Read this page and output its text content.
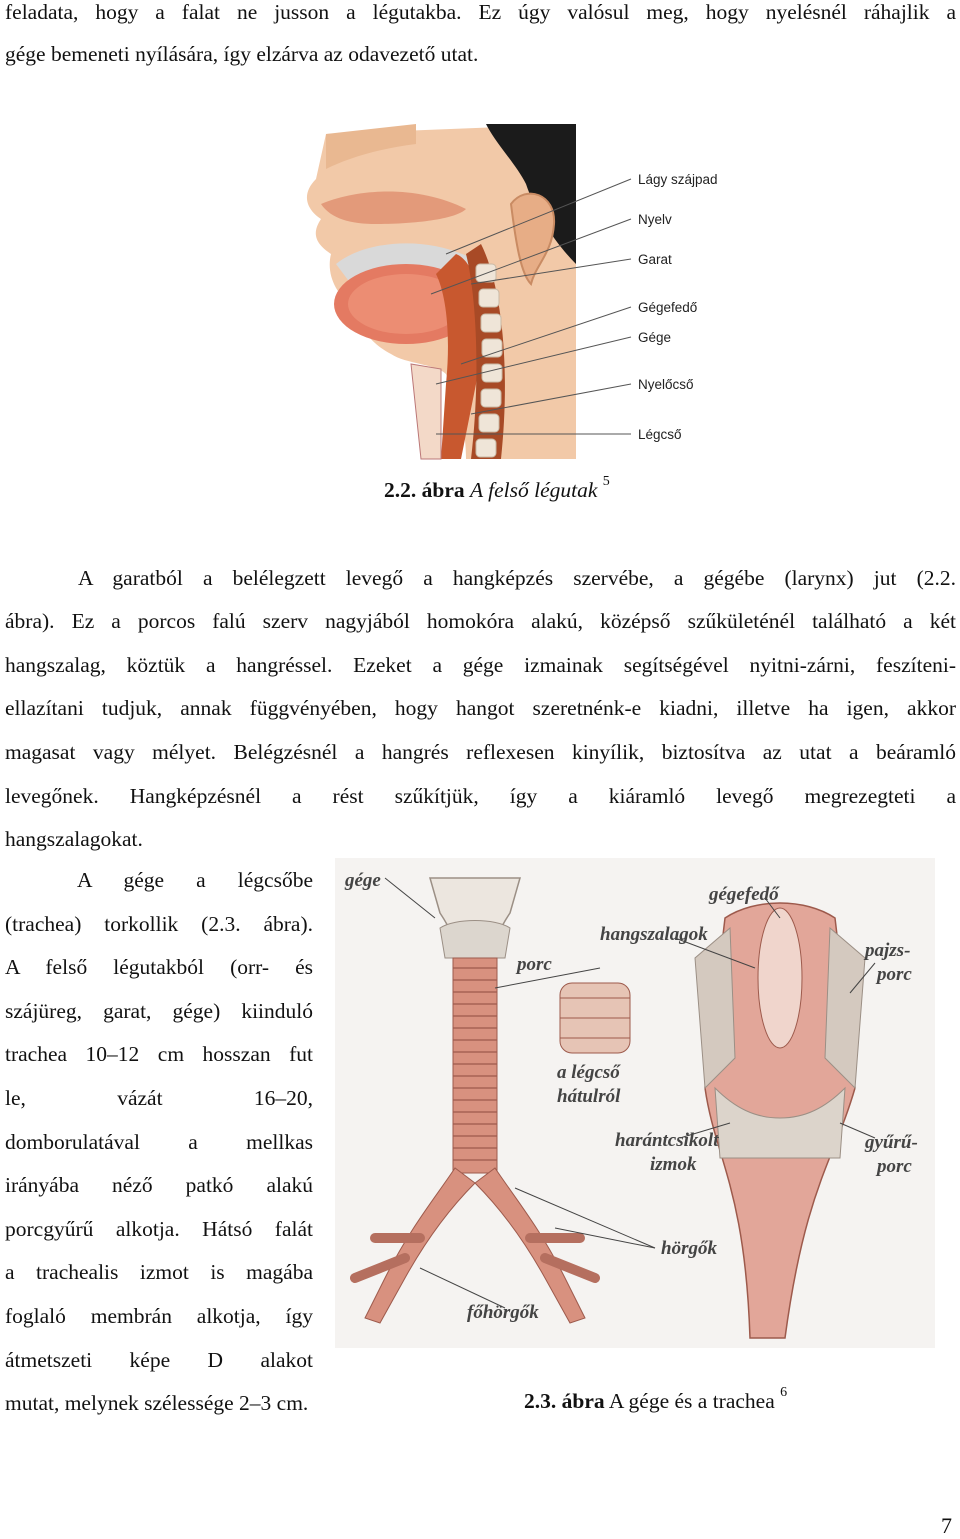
feladata, hogy a falat ne jusson a légutakba. Ez úgy valósul meg, hogy nyelésnél ráhajlik a
gége bemeneti nyílására, így elzárva az odavezető utat.
Lágy szájpad
Nyelv
Garat
Gégefedő
Gége
Nyelőcső
Légcső
2.2. ábra A felső légutak $^5$
A garatból a belélegzett levegő a hangképzés szervébe, a gégébe (larynx) jut (2.2.
ábra). Ez a porcos falú szerv nagyjából homokóra alakú, középső szűkületénél található a két
hangszalag, köztük a hangréssel. Ezeket a gége izmainak segítségével nyitni-zárni, feszíteni-
ellazítani tudjuk, annak függvényében, hogy hangot szeretnénk-e kiadni, illetve ha igen, akkor
magasat vagy mélyet. Belégzésnél a hangrés reflexesen kinyílik, biztosítva az utat a beáramló
levegőnek. Hangképzésnél a rést szűkítjük, így a kiáramló levegő megrezegteti a
hangszalagokat.
A gége a légcsőbe
(trachea) torkollik (2.3. ábra).
A felső légutakból (orr- és
szájüreg, garat, gége) kiinduló
trachea 10–12 cm hosszan fut
le, vázát 16–20,
domborulatával a mellkas
irányába néző patkó alakú
porcgyűrű alkotja. Hátsó falát
a trachealis izmot is magába
foglaló membrán alkotja, így
átmetszeti képe D alakot
gége
gégefedő
hangszalagok
porc
pajzs-
porc
a légcső
hátulról
harántcsikolt
izmok
gyűrű-
porc
hörgők
főhörgők
mutat, melynek szélessége 2–3 cm.	2.3. ábra A gége és a trachea $^6$
7
